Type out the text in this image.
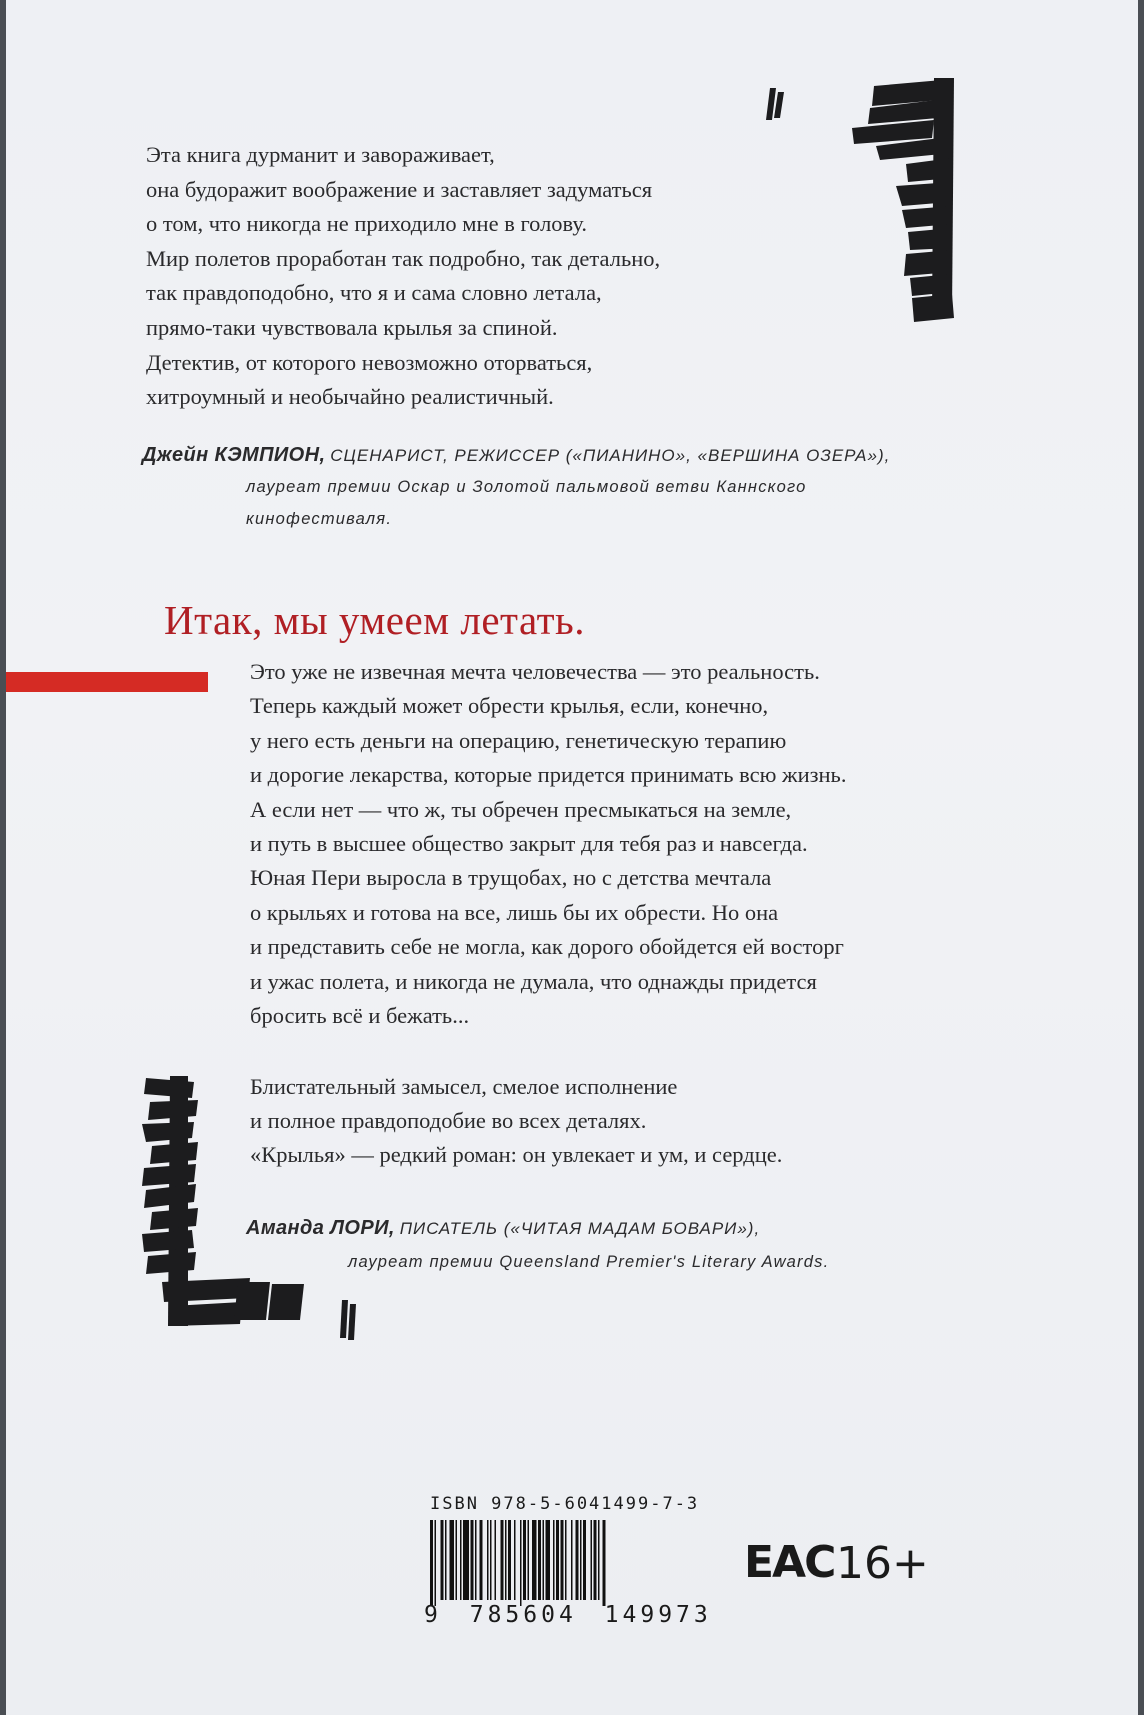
Эта книга дурманит и завораживает,
она будоражит воображение и заставляет задуматься
о том, что никогда не приходило мне в голову.
Мир полетов проработан так подробно, так детально,
так правдоподобно, что я и сама словно летала,
прямо-таки чувствовала крылья за спиной.
Детектив, от которого невозможно оторваться,
хитроумный и необычайно реалистичный.

Джейн КЭМПИОН, СЦЕНАРИСТ, РЕЖИССЕР («ПИАНИНО», «ВЕРШИНА ОЗЕРА»),
лауреат премии Оскар и Золотой пальмовой ветви Каннского
кинофестиваля.
Итак, мы умеем летать.

Это уже не извечная мечта человечества — это реальность.
Теперь каждый может обрести крылья, если, конечно,
у него есть деньги на операцию, генетическую терапию
и дорогие лекарства, которые придется принимать всю жизнь.
А если нет — что ж, ты обречен пресмыкаться на земле,
и путь в высшее общество закрыт для тебя раз и навсегда.
Юная Пери выросла в трущобах, но с детства мечтала
о крыльях и готова на все, лишь бы их обрести. Но она
и представить себе не могла, как дорого обойдется ей восторг
и ужас полета, и никогда не думала, что однажды придется
бросить всё и бежать...

Блистательный замысел, смелое исполнение
и полное правдоподобие во всех деталях.
«Крылья» — редкий роман: он увлекает и ум, и сердце.

Аманда ЛОРИ, ПИСАТЕЛЬ («ЧИТАЯ МАДАМ БОВАРИ»),
лауреат премии Queensland Premier's Literary Awards.
ISBN 978-5-6041499-7-3
9 785604 149973
EAC 16+
